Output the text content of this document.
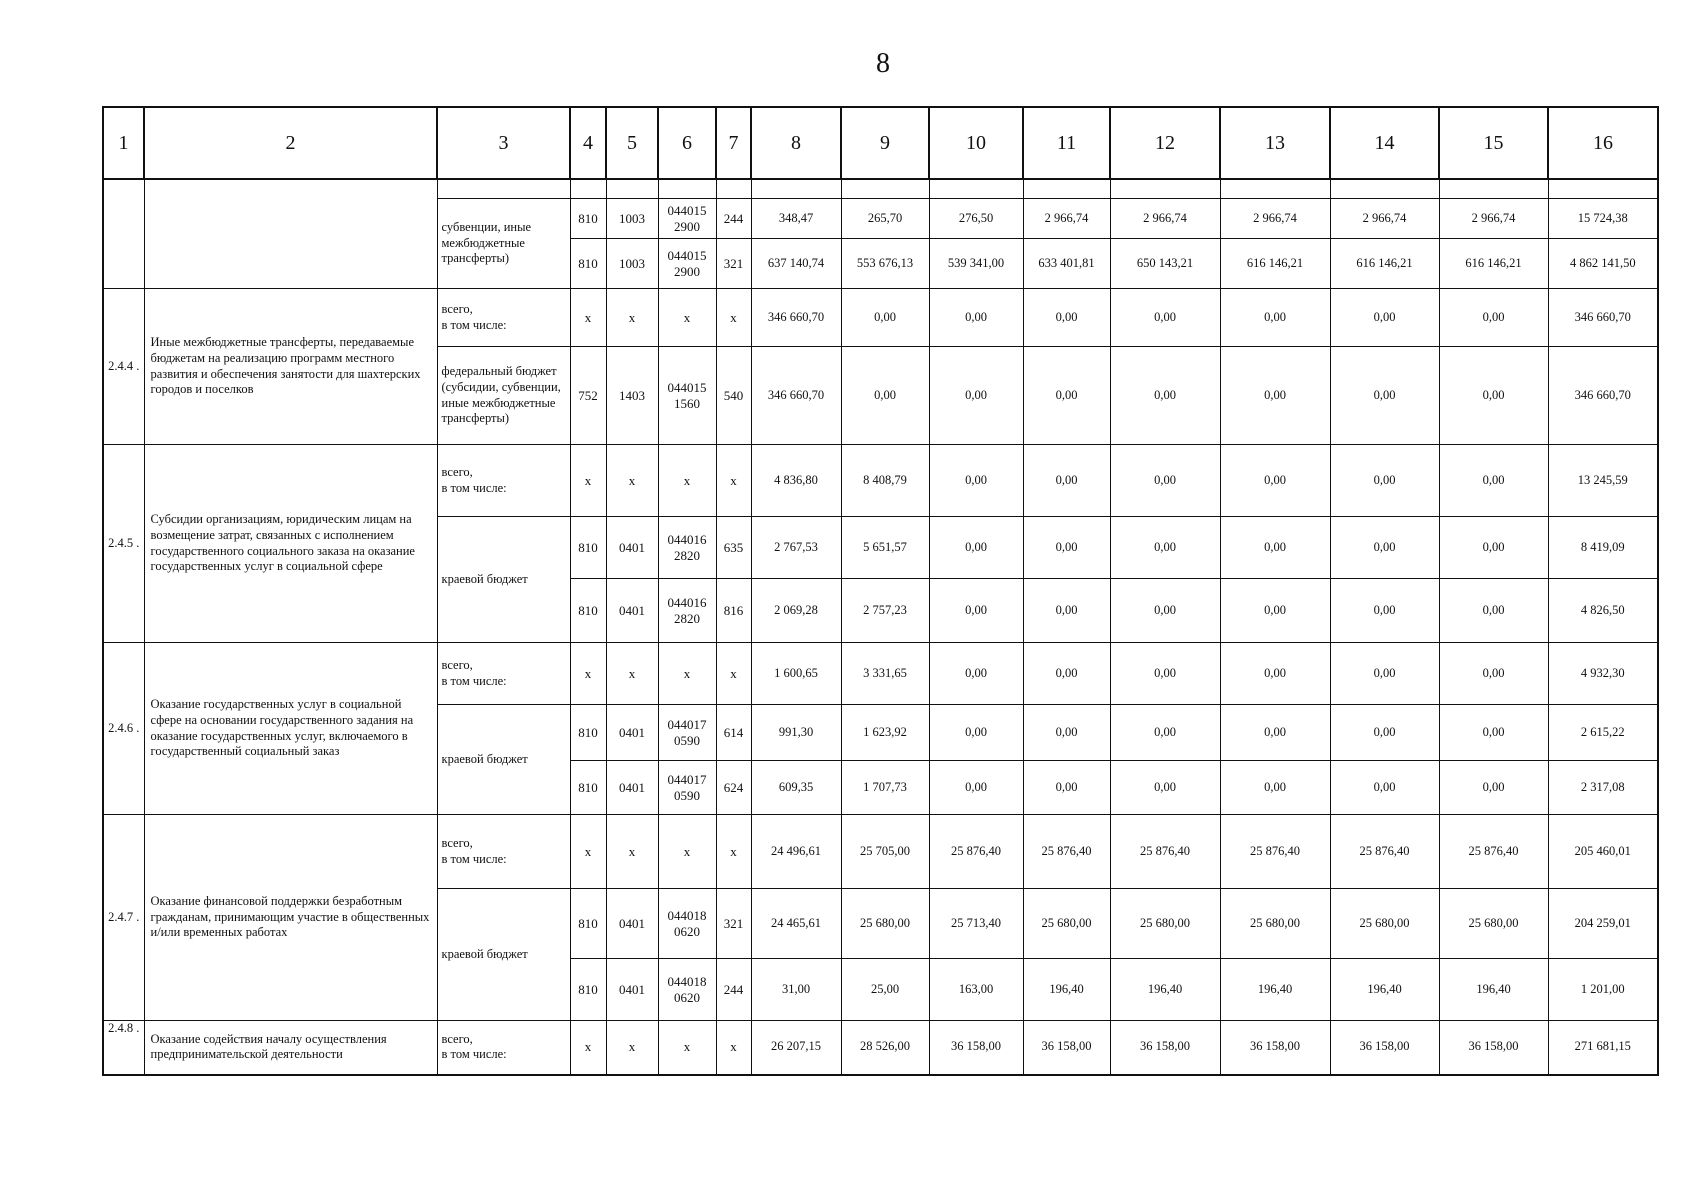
8
1	2	3	4	5	6	7	8	9	10	11	12	13	14	15	16

		субвенции, иные межбюджетные трансферты)	810	1003	044015
2900	244	348,47	265,70	276,50	2 966,74	2 966,74	2 966,74	2 966,74	2 966,74	15 724,38
			810	1003	044015
2900	321	637 140,74	553 676,13	539 341,00	633 401,81	650 143,21	616 146,21	616 146,21	616 146,21	4 862 141,50
2.4.4 .	Иные межбюджетные трансферты, передаваемые бюджетам на реализацию программ местного развития и обеспечения занятости для шахтерских городов и поселков	всего,
в том числе:	x	x	x	x	346 660,70	0,00	0,00	0,00	0,00	0,00	0,00	0,00	346 660,70

		федеральный бюджет (субсидии, субвенции, иные межбюджетные трансферты)	752	1403	044015
1560	540	346 660,70	0,00	0,00	0,00	0,00	0,00	0,00	0,00	346 660,70
2.4.5 .	Субсидии организациям, юридическим лицам на возмещение затрат, связанных с исполнением государственного социального заказа на оказание государственных услуг в социальной сфере	всего,
в том числе:	x	x	x	x	4 836,80	8 408,79	0,00	0,00	0,00	0,00	0,00	0,00	13 245,59

		краевой бюджет	810	0401	044016
2820	635	2 767,53	5 651,57	0,00	0,00	0,00	0,00	0,00	0,00	8 419,09
			810	0401	044016
2820	816	2 069,28	2 757,23	0,00	0,00	0,00	0,00	0,00	0,00	4 826,50
2.4.6 .	Оказание государственных услуг в социальной сфере на основании государственного задания на оказание государственных услуг, включаемого в государственный социальный заказ	всего,
в том числе:	x	x	x	x	1 600,65	3 331,65	0,00	0,00	0,00	0,00	0,00	0,00	4 932,30

		краевой бюджет	810	0401	044017
0590	614	991,30	1 623,92	0,00	0,00	0,00	0,00	0,00	0,00	2 615,22
			810	0401	044017
0590	624	609,35	1 707,73	0,00	0,00	0,00	0,00	0,00	0,00	2 317,08
2.4.7 .	Оказание финансовой поддержки безработным гражданам, принимающим участие в общественных и/или временных работах	всего,
в том числе:	x	x	x	x	24 496,61	25 705,00	25 876,40	25 876,40	25 876,40	25 876,40	25 876,40	25 876,40	205 460,01

		краевой бюджет	810	0401	044018
0620	321	24 465,61	25 680,00	25 713,40	25 680,00	25 680,00	25 680,00	25 680,00	25 680,00	204 259,01
			810	0401	044018
0620	244	31,00	25,00	163,00	196,40	196,40	196,40	196,40	196,40	1 201,00
2.4.8 .	Оказание содействия началу осуществления предпринимательской деятельности	всего,
в том числе:	x	x	x	x	26 207,15	28 526,00	36 158,00	36 158,00	36 158,00	36 158,00	36 158,00	36 158,00	271 681,15
